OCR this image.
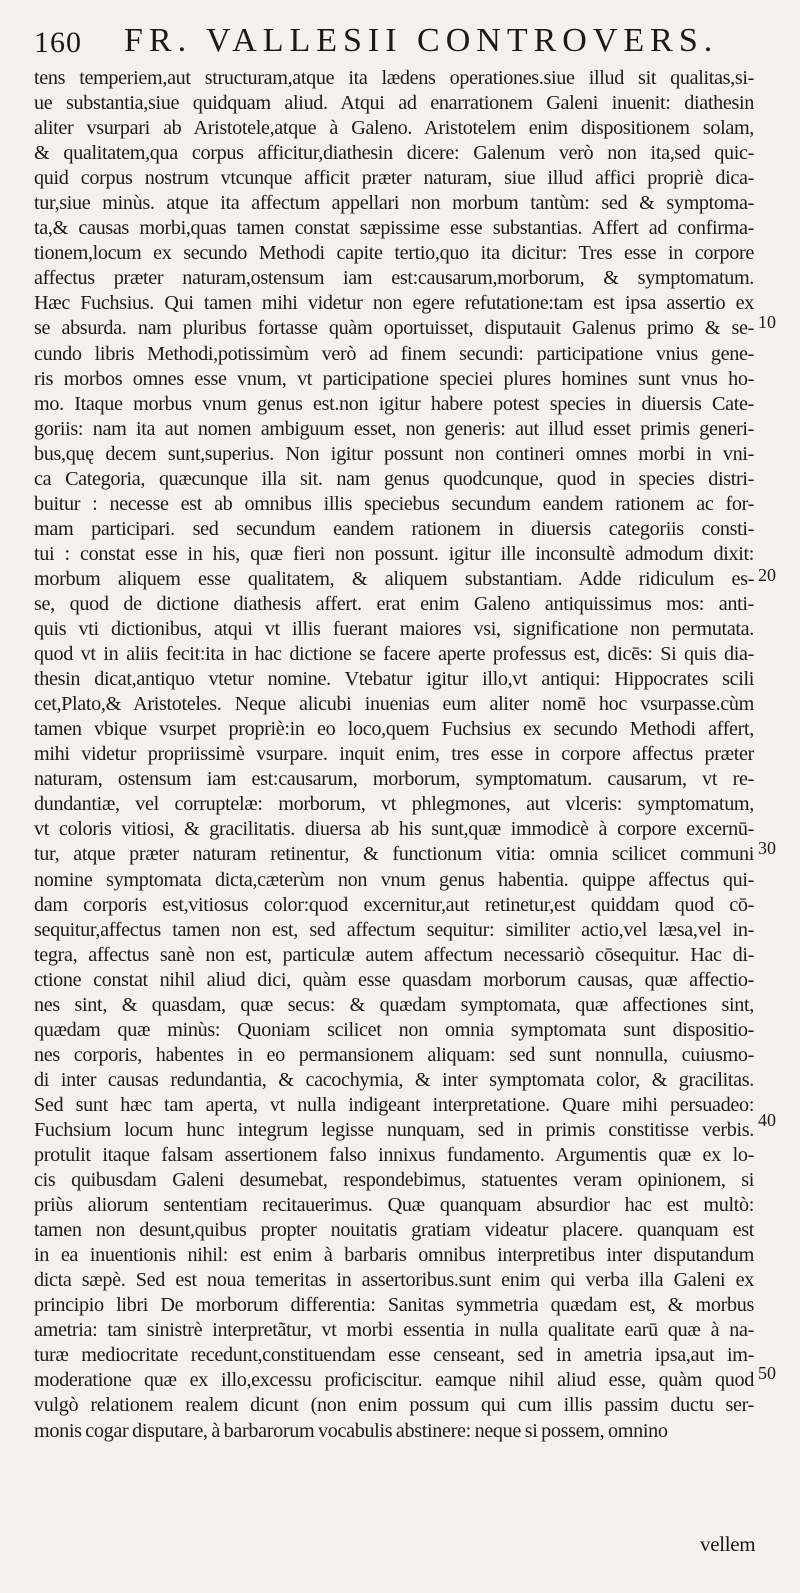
160 FR. VALLESII CONTROVERS.
tens temperiem,aut structuram,atque ita lædens operationes.siue illud sit qualitas,si-
ue substantia,siue quidquam aliud. Atqui ad enarrationem Galeni inuenit: diathesin
aliter vsurpari ab Aristotele,atque à Galeno. Aristotelem enim dispositionem solam,
& qualitatem,qua corpus afficitur,diathesin dicere: Galenum verò non ita,sed quic-
quid corpus nostrum vtcunque afficit præter naturam, siue illud affici propriè dica-
tur,siue minùs. atque ita affectum appellari non morbum tantùm: sed & symptoma-
ta,& causas morbi,quas tamen constat sæpissime esse substantias. Affert ad confirma-
tionem,locum ex secundo Methodi capite tertio,quo ita dicitur: Tres esse in corpore
affectus præter naturam,ostensum iam est:causarum,morborum, & symptomatum.
Hæc Fuchsius. Qui tamen mihi videtur non egere refutatione:tam est ipsa assertio ex
se absurda. nam pluribus fortasse quàm oportuisset, disputauit Galenus primo & se-
cundo libris Methodi,potissimùm verò ad finem secundi: participatione vnius gene-
ris morbos omnes esse vnum, vt participatione speciei plures homines sunt vnus ho-
mo. Itaque morbus vnum genus est.non igitur habere potest species in diuersis Cate-
goriis: nam ita aut nomen ambiguum esset, non generis: aut illud esset primis generi-
bus,quę decem sunt,superius. Non igitur possunt non contineri omnes morbi in vni-
ca Categoria, quæcunque illa sit. nam genus quodcunque, quod in species distri-
buitur : necesse est ab omnibus illis speciebus secundum eandem rationem ac for-
mam participari. sed secundum eandem rationem in diuersis categoriis consti-
tui : constat esse in his, quæ fieri non possunt. igitur ille inconsultè admodum dixit:
morbum aliquem esse qualitatem, & aliquem substantiam. Adde ridiculum es-
se, quod de dictione diathesis affert. erat enim Galeno antiquissimus mos: anti-
quis vti dictionibus, atqui vt illis fuerant maiores vsi, significatione non permutata.
quod vt in aliis fecit:ita in hac dictione se facere aperte professus est, dicēs: Si quis dia-
thesin dicat,antiquo vtetur nomine. Vtebatur igitur illo,vt antiqui: Hippocrates scili
cet,Plato,& Aristoteles. Neque alicubi inuenias eum aliter nomē hoc vsurpasse.cùm
tamen vbique vsurpet propriè:in eo loco,quem Fuchsius ex secundo Methodi affert,
mihi videtur propriissimè vsurpare. inquit enim, tres esse in corpore affectus præter
naturam, ostensum iam est:causarum, morborum, symptomatum. causarum, vt re-
dundantiæ, vel corruptelæ: morborum, vt phlegmones, aut vlceris: symptomatum,
vt coloris vitiosi, & gracilitatis. diuersa ab his sunt,quæ immodicè à corpore excernū-
tur, atque præter naturam retinentur, & functionum vitia: omnia scilicet communi
nomine symptomata dicta,cæterùm non vnum genus habentia. quippe affectus qui-
dam corporis est,vitiosus color:quod excernitur,aut retinetur,est quiddam quod cō-
sequitur,affectus tamen non est, sed affectum sequitur: similiter actio,vel læsa,vel in-
tegra, affectus sanè non est, particulæ autem affectum necessariò cōsequitur. Hac di-
ctione constat nihil aliud dici, quàm esse quasdam morborum causas, quæ affectio-
nes sint, & quasdam, quæ secus: & quædam symptomata, quæ affectiones sint,
quædam quæ minùs: Quoniam scilicet non omnia symptomata sunt dispositio-
nes corporis, habentes in eo permansionem aliquam: sed sunt nonnulla, cuiusmo-
di inter causas redundantia, & cacochymia, & inter symptomata color, & gracilitas.
Sed sunt hæc tam aperta, vt nulla indigeant interpretatione. Quare mihi persuadeo:
Fuchsium locum hunc integrum legisse nunquam, sed in primis constitisse verbis.
protulit itaque falsam assertionem falso innixus fundamento. Argumentis quæ ex lo-
cis quibusdam Galeni desumebat, respondebimus, statuentes veram opinionem, si
priùs aliorum sententiam recitauerimus. Quæ quanquam absurdior hac est multò:
tamen non desunt,quibus propter nouitatis gratiam videatur placere. quanquam est
in ea inuentionis nihil: est enim à barbaris omnibus interpretibus inter disputandum
dicta sæpè. Sed est noua temeritas in assertoribus.sunt enim qui verba illa Galeni ex
principio libri De morborum differentia: Sanitas symmetria quædam est, & morbus
ametria: tam sinistrè interpretãtur, vt morbi essentia in nulla qualitate earū quæ à na-
turæ mediocritate recedunt,constituendam esse censeant, sed in ametria ipsa,aut im-
moderatione quæ ex illo,excessu proficiscitur. eamque nihil aliud esse, quàm quod
vulgò relationem realem dicunt (non enim possum qui cum illis passim ductu ser-
monis cogar disputare, à barbarorum vocabulis abstinere: neque si possem, omnino
10
20
30
40
50
vellem
